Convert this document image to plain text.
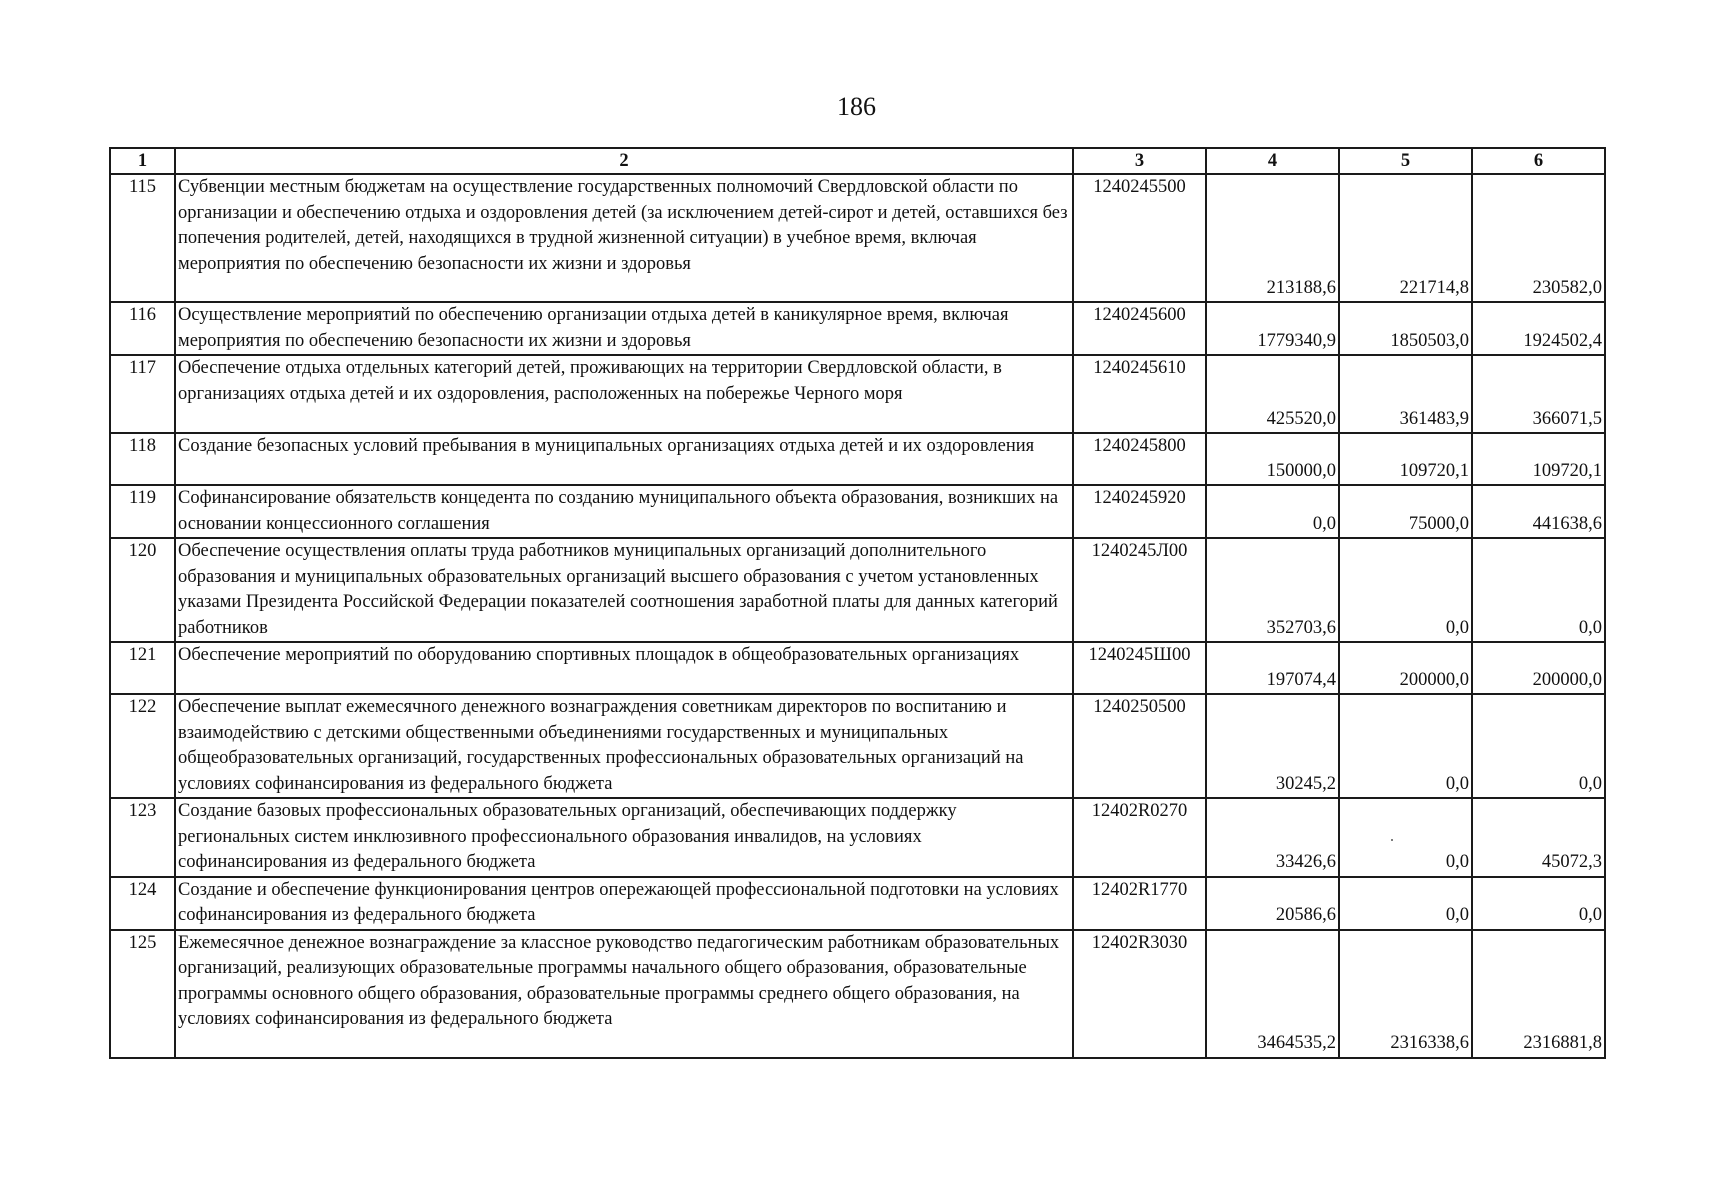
186
1	2	3	4	5	6
115	Субвенции местным бюджетам на осуществление государственных полномочий Свердловской области по организации и обеспечению отдыха и оздоровления детей (за исключением детей-сирот и детей, оставшихся без попечения родителей, детей, находящихся в трудной жизненной ситуации) в учебное время, включая мероприятия по обеспечению безопасности их жизни и здоровья	1240245500	213188,6	221714,8	230582,0
116	Осуществление мероприятий по обеспечению организации отдыха детей в каникулярное время, включая мероприятия по обеспечению безопасности их жизни и здоровья	1240245600	1779340,9	1850503,0	1924502,4
117	Обеспечение отдыха отдельных категорий детей, проживающих на территории Свердловской области, в организациях отдыха детей и их оздоровления, расположенных на побережье Черного моря	1240245610	425520,0	361483,9	366071,5
118	Создание безопасных условий пребывания в муниципальных организациях отдыха детей и их оздоровления	1240245800	150000,0	109720,1	109720,1
119	Софинансирование обязательств концедента по созданию муниципального объекта образования, возникших на основании концессионного соглашения	1240245920	0,0	75000,0	441638,6
120	Обеспечение осуществления оплаты труда работников муниципальных организаций дополнительного образования и муниципальных образовательных организаций высшего образования с учетом установленных указами Президента Российской Федерации показателей соотношения заработной платы для данных категорий работников	1240245Л00	352703,6	0,0	0,0
121	Обеспечение мероприятий по оборудованию спортивных площадок в общеобразовательных организациях	1240245Ш00	197074,4	200000,0	200000,0
122	Обеспечение выплат ежемесячного денежного вознаграждения советникам директоров по воспитанию и взаимодействию с детскими общественными объединениями государственных и муниципальных общеобразовательных организаций, государственных профессиональных образовательных организаций на условиях софинансирования из федерального бюджета	1240250500	30245,2	0,0	0,0
123	Создание базовых профессиональных образовательных организаций, обеспечивающих поддержку региональных систем инклюзивного профессионального образования инвалидов, на условиях софинансирования из федерального бюджета	12402R0270	33426,6	0,0	45072,3
124	Создание и обеспечение функционирования центров опережающей профессиональной подготовки на условиях софинансирования из федерального бюджета	12402R1770	20586,6	0,0	0,0
125	Ежемесячное денежное вознаграждение за классное руководство педагогическим работникам образовательных организаций, реализующих образовательные программы начального общего образования, образовательные программы основного общего образования, образовательные программы среднего общего образования, на условиях софинансирования из федерального бюджета	12402R3030	3464535,2	2316338,6	2316881,8
